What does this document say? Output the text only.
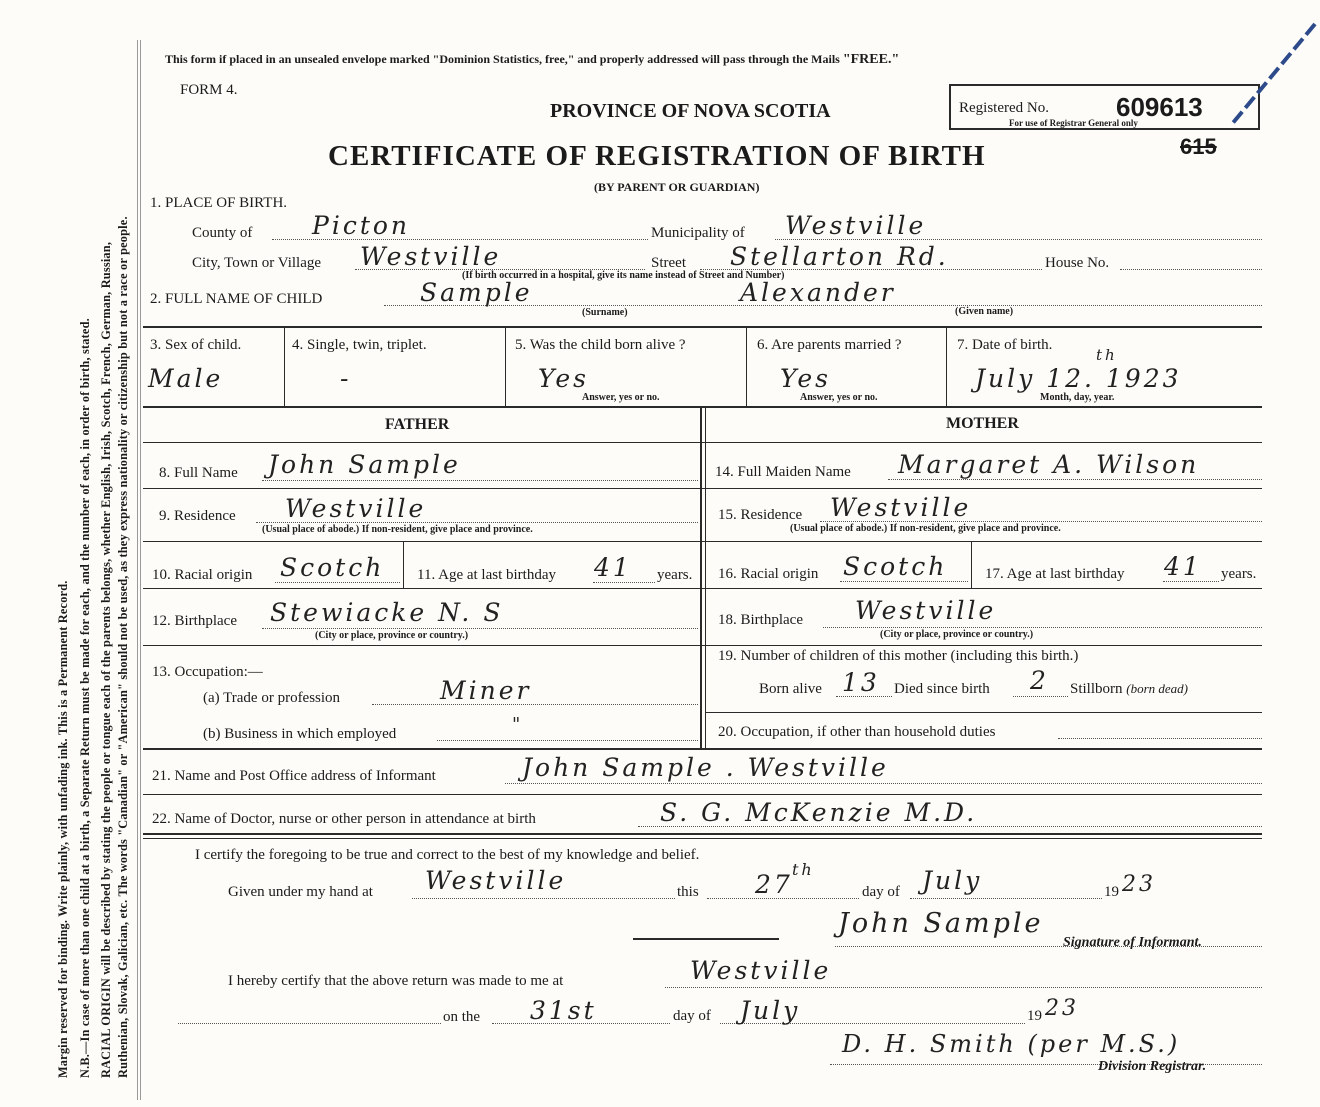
Margin reserved for binding. Write plainly, with unfading ink. This is a Permanent Record. N.B.—In case of more than one child at a birth, a Separate Return must be made for each, and the number of each, in order of birth, stated. RACIAL ORIGIN will be described by stating the people or tongue each of the parents belongs, whether English, Irish, Scotch, French, German, Russian, Ruthenian, Slovak, Galician, etc. The words "Canadian" or "American" should not be used, as they express nationality or citizenship but not a race or people.
This form if placed in an unsealed envelope marked "Dominion Statistics, free," and properly addressed will pass through the Mails "FREE."
FORM 4.
PROVINCE OF NOVA SCOTIA
CERTIFICATE OF REGISTRATION OF BIRTH
(BY PARENT OR GUARDIAN)
Registered No.	609613
For use of Registrar General only
615
1. PLACE OF BIRTH.
County of Picton	Municipality of Westville
City, Town or Village Westville	Street Stellarton Rd.	House No.
(If birth occurred in a hospital, give its name instead of Street and Number)
2. FULL NAME OF CHILD	Sample	Alexander
(Surname)	(Given name)
3. Sex of child.
Male
4. Single, twin, triplet.
-
5. Was the child born alive ?
Yes
Answer, yes or no.
6. Are parents married ?
Yes
Answer, yes or no.
7. Date of birth.
July 12. 1923
th
Month, day, year.
FATHER	MOTHER
8. Full Name John Sample	14. Full Maiden Name Margaret A. Wilson
9. Residence Westville
(Usual place of abode.) If non-resident, give place and province.
15. Residence Westville
(Usual place of abode.) If non-resident, give place and province.
10. Racial origin Scotch 11. Age at last birthday 41 years. 16. Racial origin Scotch	17. Age at last birthday 41 years.
12. Birthplace Stewiacke N. S
(City or place, province or country.)
18. Birthplace Westville
(City or place, province or country.)
13. Occupation:—
(a) Trade or profession	Miner
(b) Business in which employed	"
19. Number of children of this mother (including this birth.)
Born alive 13 Died since birth 2 Stillborn (born dead)
20. Occupation, if other than household duties
21. Name and Post Office address of Informant	John Sample . Westville
22. Name of Doctor, nurse or other person in attendance at birth	S. G. McKenzie M.D.
I certify the foregoing to be true and correct to the best of my knowledge and belief.
Given under my hand at Westville	this 27
th
day of July	19 23
John Sample
Signature of Informant.
I hereby certify that the above return was made to me at	Westville
on the 31st	day of July	19 23
D. H. Smith (per M.S.)
Division Registrar.
